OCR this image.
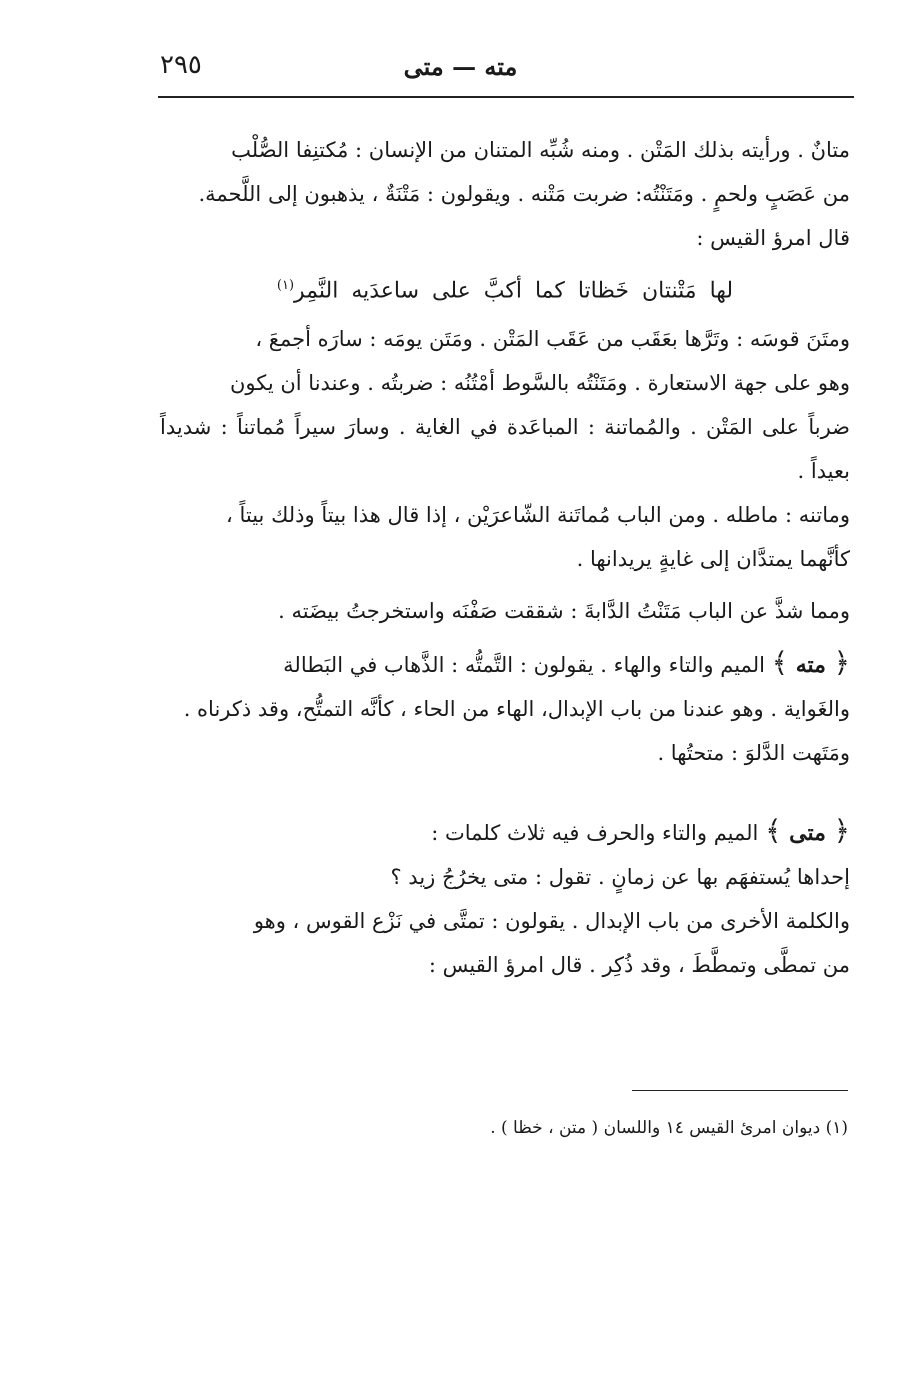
٢٩٥	مته — متى

متانٌ . ورأيته بذلك المَتْن . ومنه شُبِّه المتنان من الإنسان : مُكتنِفا الصُّلْب

من عَصَبٍ ولحمٍ . ومَتَنْتُه: ضربت مَتْنه . ويقولون : مَتْنَةٌ ، يذهبون إلى اللَّحمة.

قال امرؤ القيس :

لها مَتْنتان خَظاتا كما أكبَّ على ساعدَيه النَّمِر$^{(١)}$

ومتَنَ قوسَه : وتَرَّها بعَقَب من عَقَب المَتْن . ومَتَن يومَه : سارَه أجمعَ ،

وهو على جهة الاستعارة . ومَتَنْتُه بالسَّوط أمْتُنُه : ضربتُه . وعندنا أن يكون

ضرباً على المَتْن . والمُماتنة : المباعَدة في الغاية . وسارَ سيراً مُماتناً : شديداً بعيداً .

وماتنه : ماطله . ومن الباب مُماتَنة الشّاعرَيْن ، إذا قال هذا بيتاً وذلك بيتاً ،

كأنَّهما يمتدَّان إلى غايةٍ يريدانها .

ومما شذَّ عن الباب مَتَنْتُ الدَّابةَ : شققت صَفْنَه واستخرجتُ بيضَته .

﴿ مته ﴾ الميم والتاء والهاء . يقولون : التَّمتُّه : الذَّهاب في البَطالة

والغَواية . وهو عندنا من باب الإبدال، الهاء من الحاء ، كأنَّه التمتُّح، وقد ذكرناه .

ومَتَهت الدَّلوَ : متحتُها .

﴿ متى ﴾ الميم والتاء والحرف فيه ثلاث كلمات :

إحداها يُستفهَم بها عن زمانٍ . تقول : متى يخرُجُ زيد ؟

والكلمة الأخرى من باب الإبدال . يقولون : تمتَّى في نَزْع القوس ، وهو

من تمطَّى وتمطَّطَ ، وقد ذُكِر . قال امرؤ القيس :

(١) ديوان امرئ القيس ١٤ واللسان ( متن ، خظا ) .
